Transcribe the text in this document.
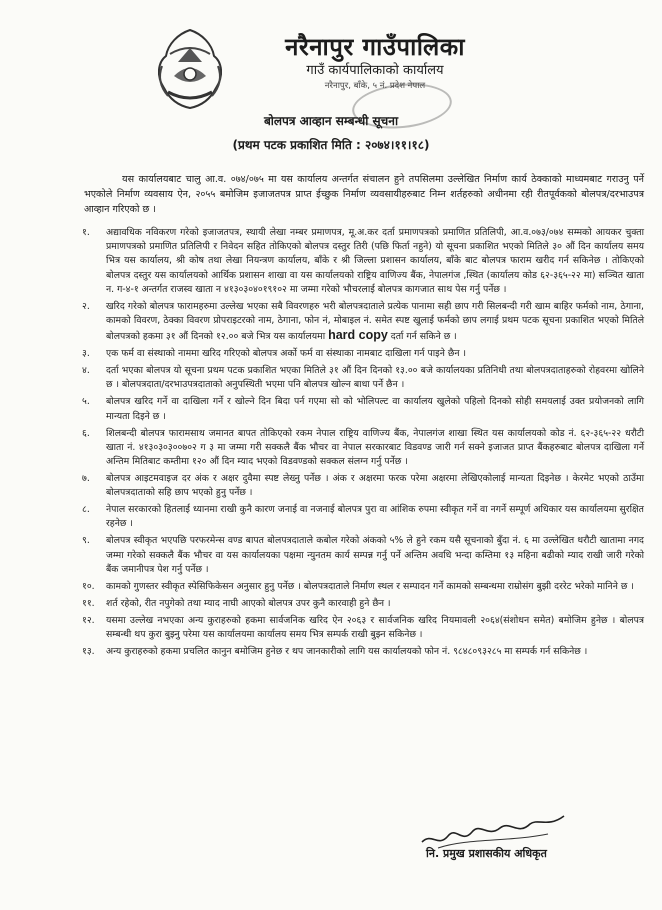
नरैनापुर गाउँपालिका
गाउँ कार्यपालिकाको कार्यालय
नरैनापुर, बाँके, ५ नं. प्रदेश नेपाल
बोलपत्र आव्हान सम्बन्धी सूचना
(प्रथम पटक प्रकाशित मिति : २०७४।११।१८)
यस कार्यालयबाट चालु आ.व. ०७४/०७५ मा यस कार्यालय अन्तर्गत संचालन हुने तपसिलमा उल्लेखित निर्माण कार्य ठेक्काको माध्यमबाट गराउनु पर्ने भएकोले निर्माण व्यवसाय ऐन, २०५५ बमोजिम इजाजतपत्र प्राप्त ईच्छुक निर्माण व्यवसायीहरुबाट निम्न शर्तहरुको अधीनमा रही रीतपूर्वकको बोलपत्र/दरभाउपत्र आव्हान गरिएको छ ।
१. अद्यावधिक नविकरण गरेको इजाजतपत्र, स्थायी लेखा नम्बर प्रमाणपत्र, मू.अ.कर दर्ता प्रमाणपत्रको प्रमाणित प्रतिलिपी, आ.व.०७३/०७४ सम्मको आयकर चुक्ता प्रमाणपत्रको प्रमाणित प्रतिलिपी र निवेदन सहित तोकिएको बोलपत्र दस्तुर तिरी (पछि फिर्ता नहुने) यो सूचना प्रकाशित भएको मितिले ३० औं दिन कार्यालय समय भित्र यस कार्यालय, श्री कोष तथा लेखा नियन्त्रण कार्यालय, बाँके र श्री जिल्ला प्रशासन कार्यालय, बाँके बाट बोलपत्र फाराम खरीद गर्न सकिनेछ । तोकिएको बोलपत्र दस्तुर यस कार्यालयको आर्थिक प्रशासन शाखा वा यस कार्यालयको राष्ट्रिय वाणिज्य बैंक, नेपालगंज ,स्थित (कार्यालय कोड ६२-३६५-२२ मा) सञ्चित खाता न. ग-४-१ अन्तर्गत राजस्व खाता न ४१३०३०४०१९१०२ मा जम्मा गरेको भौचरलाई बोलपत्र कागजात साथ पेस गर्नु पर्नेछ ।
२. खरिद गरेको बोलपत्र फारामहरुमा उल्लेख भएका सबै विवरणहरु भरी बोलपत्रदाताले प्रत्येक पानामा सही छाप गरी सिलबन्दी गरी खाम बाहिर फर्मको नाम, ठेगाना, कामको विवरण, ठेक्का विवरण प्रोपराइटरको नाम, ठेगाना, फोन नं, मोबाइल नं. समेत स्पष्ट खुलाई फर्मको छाप लगाई प्रथम पटक सूचना प्रकाशित भएको मितिले बोलपत्रको हकमा ३१ औं दिनको १२.०० बजे भित्र यस कार्यालयमा hard copy दर्ता गर्न सकिने छ ।
३. एक फर्म वा संस्थाको नाममा खरिद गरिएको बोलपत्र अर्को फर्म वा संस्थाका नामबाट दाखिला गर्न पाइने छैन ।
४. दर्ता भएका बोलपत्र यो सूचना प्रथम पटक प्रकाशित भएका मितिले ३१ औं दिन दिनको १३.०० बजे कार्यालयका प्रतिनिधी तथा बोलपत्रदाताहरुको रोहवरमा खोलिने छ । बोलपत्रदाता/दरभाउपत्रदाताको अनुपस्थिती भएमा पनि बोलपत्र खोल्न बाधा पर्ने छैन ।
५. बोलपत्र खरिद गर्ने वा दाखिला गर्ने र खोल्ने दिन बिदा पर्न गएमा सो को भोलिपल्ट वा कार्यालय खुलेको पहिलो दिनको सोही समयलाई उक्त प्रयोजनको लागि मान्यता दिइने छ ।
६. शिलबन्दी बोलपत्र फारामसाथ जमानत बापत तोकिएको रकम नेपाल राष्ट्रिय वाणिज्य बैंक, नेपालगंज शाखा स्थित यस कार्यालयको कोड नं. ६२-३६५-२२ धरौटी खाता नं. ४१३०३०३००७०२ ग ३ मा जम्मा गरी सक्कलै बैंक भौचर वा नेपाल सरकारबाट विडवण्ड जारी गर्न सक्ने इजाजत प्राप्त बैंकहरुबाट बोलपत्र दाखिला गर्ने अन्तिम मितिबाट कम्तीमा १२० औं दिन म्याद भएको विडवण्डको सक्कल संलग्न गर्नु पर्नेछ ।
७. बोलपत्र आइटमवाइज दर अंक र अक्षर दुवैमा स्पष्ट लेख्नु पर्नेछ । अंक र अक्षरमा फरक परेमा अक्षरमा लेखिएकोलाई मान्यता दिइनेछ । केरमेट भएको ठाउँमा बोलपत्रदाताको सहि छाप भएको हुनु पर्नेछ ।
८. नेपाल सरकारको हितलाई ध्यानमा राखी कुनै कारण जनाई वा नजनाई बोलपत्र पुरा वा आंशिक रुपमा स्वीकृत गर्ने वा नगर्ने सम्पूर्ण अधिकार यस कार्यालयमा सुरक्षित रहनेछ ।
९. बोलपत्र स्वीकृत भएपछि परफरमेन्स वण्ड बापत बोलपत्रदाताले कबोल गरेको अंकको ५% ले हुने रकम यसै सूचनाको बुँदा नं. ६ मा उल्लेखित धरौटी खातामा नगद जम्मा गरेको सक्कलै बैंक भौचर वा यस कार्यालयका पक्षमा न्युनतम कार्य सम्पन्न गर्नु पर्ने अन्तिम अवधि भन्दा कम्तिमा १३ महिना बढीको म्याद राखी जारी गरेको बैंक जमानीपत्र पेश गर्नु पर्नेछ ।
१०. कामको गुणस्तर स्वीकृत स्पेसिफिकेसन अनुसार हुनु पर्नेछ । बोलपत्रदाताले निर्माण स्थल र सम्पादन गर्ने कामको सम्बन्धमा राम्रोसंग बुझी दररेट भरेको मानिने छ ।
११. शर्त रहेको, रीत नपुगेको तथा म्याद नाघी आएको बोलपत्र उपर कुनै कारवाही हुने छैन ।
१२. यसमा उल्लेख नभएका अन्य कुराहरुको हकमा सार्वजनिक खरिद ऐन २०६३ र सार्वजनिक खरिद नियमावली २०६४(संशोधन समेत) बमोजिम हुनेछ । बोलपत्र सम्बन्धी थप कुरा बुझ्नु परेमा यस कार्यालयमा कार्यालय समय भित्र सम्पर्क राखी बुझ्न सकिनेछ ।
१३. अन्य कुराहरुको हकमा प्रचलित कानुन बमोजिम हुनेछ र थप जानकारीको लागि यस कार्यालयको फोन नं. ९८४८०९३२८५ मा सम्पर्क गर्न सकिनेछ ।
नि. प्रमुख प्रशासकीय अधिकृत
